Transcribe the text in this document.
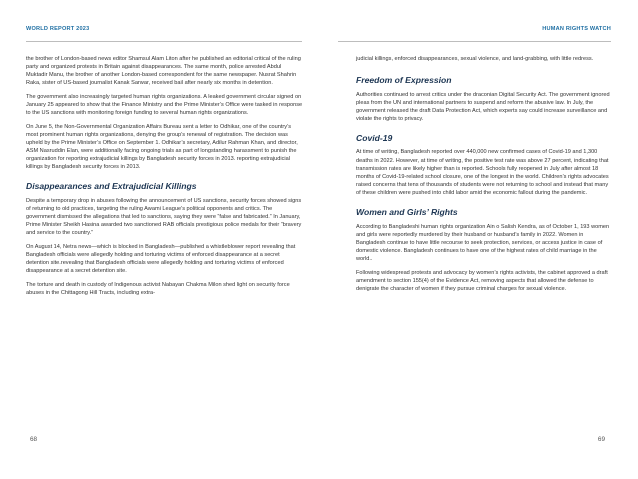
WORLD REPORT 2023

the brother of London-based news editor Shamsul Alam Liton after he published an editorial critical of the ruling party and organized protests in Britain against disappearances. The same month, police arrested Abdul Muktadir Manu, the brother of another London-based correspondent for the same newspaper. Nusrat Shahrin Raka, sister of US-based journalist Kanak Sarwar, received bail after nearly six months in detention.

The government also increasingly targeted human rights organizations. A leaked government circular signed on January 25 appeared to show that the Finance Ministry and the Prime Minister’s Office were tasked in response to the US sanctions with monitoring foreign funding to several human rights organizations.

On June 5, the Non-Governmental Organization Affairs Bureau sent a letter to Odhikar, one of the country’s most prominent human rights organizations, denying the group’s renewal of registration. The decision was upheld by the Prime Minister’s Office on September 1. Odhikar’s secretary, Adilur Rahman Khan, and director, ASM Nasruddin Elan, were additionally facing ongoing trials as part of longstanding harassment to punish the organization for reporting extrajudicial killings by Bangladesh security forces in 2013. reporting extrajudicial killings by Bangladesh security forces in 2013.

Disappearances and Extrajudicial Killings

Despite a temporary drop in abuses following the announcement of US sanctions, security forces showed signs of returning to old practices, targeting the ruling Awami League’s political opponents and critics. The government dismissed the allegations that led to sanctions, saying they were “false and fabricated.” In January, Prime Minister Sheikh Hasina awarded two sanctioned RAB officials prestigious police medals for their “bravery and service to the country.”

On August 14, Netra news—which is blocked in Bangladesh—published a whistleblower report revealing that Bangladesh officials were allegedly holding and torturing victims of enforced disappearance at a secret detention site.revealing that Bangladesh officials were allegedly holding and torturing victims of enforced disappearance at a secret detention site.

The torture and death in custody of Indigenous activist Nabayan Chakma Milon shed light on security force abuses in the Chittagong Hill Tracts, including extra-

68
HUMAN RIGHTS WATCH

judicial killings, enforced disappearances, sexual violence, and land-grabbing, with little redress.

Freedom of Expression

Authorities continued to arrest critics under the draconian Digital Security Act. The government ignored pleas from the UN and international partners to suspend and reform the abusive law. In July, the government released the draft Data Protection Act, which experts say could increase surveillance and violate the rights to privacy.

Covid-19

At time of writing, Bangladesh reported over 440,000 new confirmed cases of Covid-19 and 1,300 deaths in 2022. However, at time of writing, the positive test rate was above 27 percent, indicating that transmission rates are likely higher than is reported. Schools fully reopened in July after almost 18 months of Covid-19-related school closure, one of the longest in the world. Children’s rights advocates raised concerns that tens of thousands of students were not returning to school and instead that many of these children were pushed into child labor amid the economic fallout during the pandemic.

Women and Girls’ Rights

According to Bangladeshi human rights organization Ain o Salish Kendra, as of October 1, 193 women and girls were reportedly murdered by their husband or husband’s family in 2022. Women in Bangladesh continue to have little recourse to seek protection, services, or access justice in case of domestic violence. Bangladesh continues to have one of the highest rates of child marriage in the world..

Following widespread protests and advocacy by women’s rights activists, the cabinet approved a draft amendment to section 155(4) of the Evidence Act, removing aspects that allowed the defense to denigrate the character of women if they pursue criminal charges for sexual violence.

69
